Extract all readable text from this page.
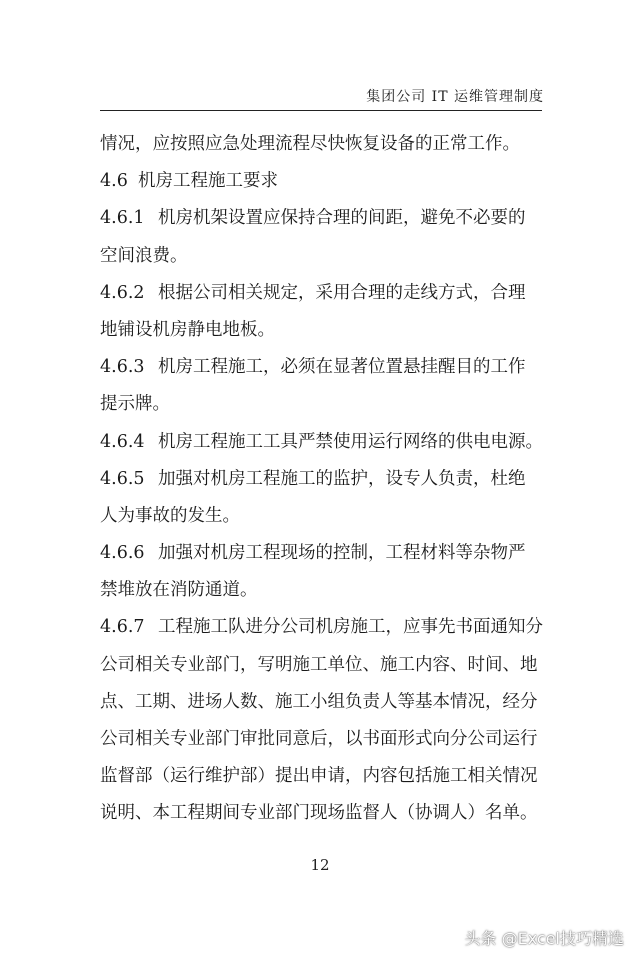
集团公司 IT 运维管理制度
情况，应按照应急处理流程尽快恢复设备的正常工作。
4.6 机房工程施工要求
4.6.1 机房机架设置应保持合理的间距，避免不必要的
空间浪费。
4.6.2 根据公司相关规定，采用合理的走线方式，合理
地铺设机房静电地板。
4.6.3 机房工程施工，必须在显著位置悬挂醒目的工作
提示牌。
4.6.4 机房工程施工工具严禁使用运行网络的供电电源。
4.6.5 加强对机房工程施工的监护，设专人负责，杜绝
人为事故的发生。
4.6.6 加强对机房工程现场的控制，工程材料等杂物严
禁堆放在消防通道。
4.6.7 工程施工队进分公司机房施工，应事先书面通知分
公司相关专业部门，写明施工单位、施工内容、时间、地
点、工期、进场人数、施工小组负责人等基本情况，经分
公司相关专业部门审批同意后，以书面形式向分公司运行
监督部（运行维护部）提出申请，内容包括施工相关情况
说明、本工程期间专业部门现场监督人（协调人）名单。
12
头条 @Excel技巧精选
